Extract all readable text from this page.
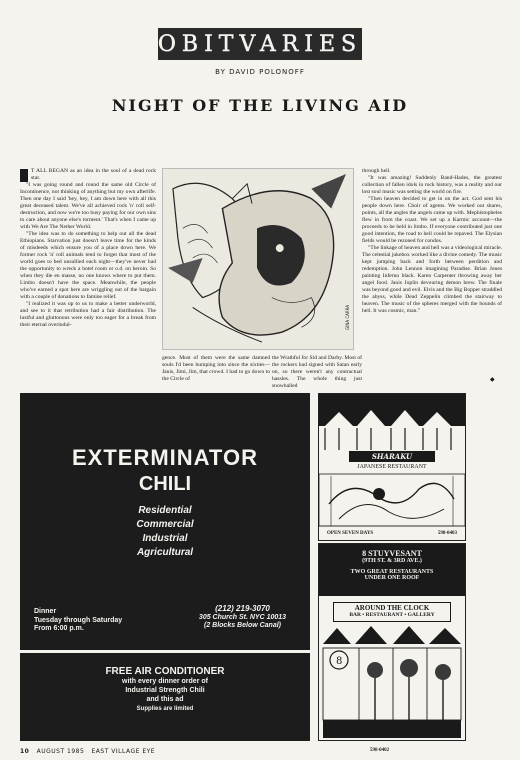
OBITVARIES
BY DAVID POLONOFF
NIGHT OF THE LIVING AID

T ALL BEGAN as an idea in the soul of a dead rock star.

"I was going round and round the same old Circle of Incontinence, not thinking of anything but my own afterlife. Then one day I said 'hey, hey, I am down here with all this great deceased talent. We've all achieved rock 'n' roll self-destruction, and now we're too busy paying for our own sins to care about anyone else's torment.' That's when I came up with We Are The Nether World.

"The idea was to do something to help out all the dead Ethiopians. Starvation just doesn't leave time for the kinds of misdeeds which ensure you of a place down here. We former rock 'n' roll animals tend to forget that most of the world goes to bed unsullied each night—they've never had the opportunity to wreck a hotel room or o.d. on heroin. So when they die en masse, no one knows where to put them. Limbo doesn't have the space. Meanwhile, the people who've earned a spot here are wriggling out of the bargain with a couple of donations to famine relief.

"I realized it was up to us to make a better underworld, and see to it that retribution had a fair distribution. The lustful and gluttonous were only too eager for a break from their eternal overindul-	GINA CARRA
gence. Most of them were the same damned souls I'd been bumping into since the sixties—Janis, Jimi, Jim, that crowd. I had to go down to the Circle of
the Wrathful for Sid and Darby. Most of the rockers had signed with Satan early on, so there weren't any contractual hassles. The whole thing just snowballed

through hell.

"It was amazing! Suddenly Band-Hades, the greatest collection of fallen idols in rock history, was a reality and our lost soul music was setting the world on fire.

"Then heaven decided to get in on the act. God sent his people down here. Choir of agents. We worked out shares, points, all the angles the angels came up with. Mephistopheles flew in from the coast. We set up a Karmic account—the proceeds to be held in limbo. If everyone contributed just one good intention, the road to hell could be repaved. The Elysian fields would be rezoned for condos.

"The linkage of heaven and hell was a videological miracle. The celestial jukebox worked like a divine comedy. The music kept jumping back and forth between perdition and redemption. John Lennon imagining Paradise. Brian Jones painting Inferno black. Karen Carpenter throwing away her angel food. Janis Joplin devouring demon brew. The finale was beyond good and evil. Elvis and the Big Bopper straddled the abyss, while Dead Zeppelin climbed the stairway to heaven. The music of the spheres merged with the hounds of hell. It was cosmic, man."

◆
EXTERMINATOR
CHILI
Residential
Commercial
Industrial
Agricultural
Dinner
Tuesday through Saturday
From 6:00 p.m.
(212) 219-3070
305 Church St. NYC 10013
(2 Blocks Below Canal)
FREE AIR CONDITIONER
with every dinner order of
Industrial Strength Chili
and this ad
Supplies are limited
SHARAKU
JAPANESE RESTAURANT
OPEN SEVEN DAYS	598-0403
8 STUYVESANT
(9TH ST. & 3RD AVE.)
TWO GREAT RESTAURANTS
UNDER ONE ROOF
AROUND THE CLOCK
BAR • RESTAURANT • GALLERY
8
598-0402
10 AUGUST 1985 EAST VILLAGE EYE
